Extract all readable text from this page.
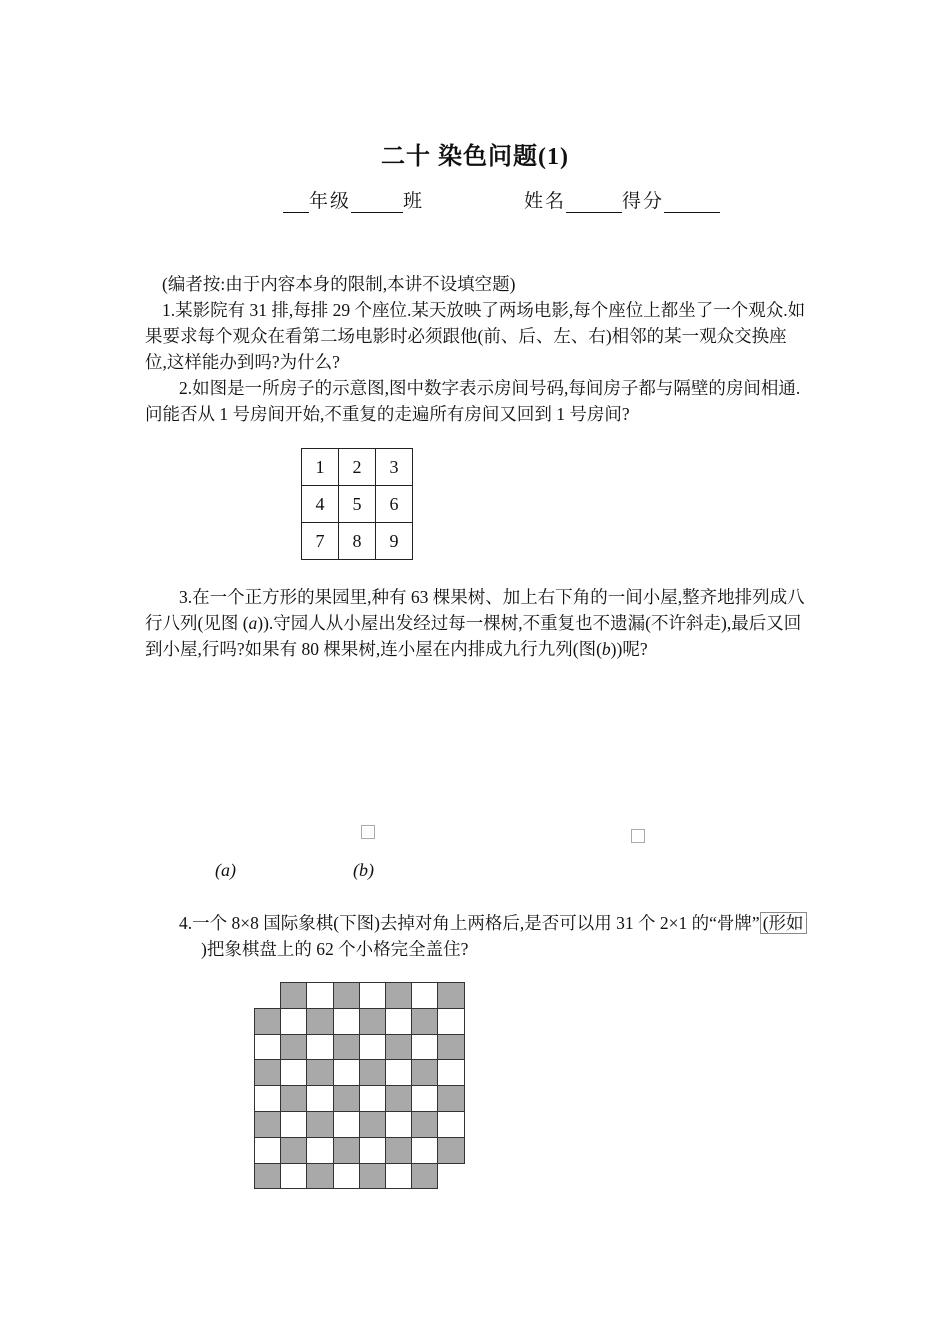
二十 染色问题(1)
年级	班	姓名	得分
(编者按:由于内容本身的限制,本讲不设填空题)
1.某影院有 31 排,每排 29 个座位.某天放映了两场电影,每个座位上都坐了一个观众.如果要求每个观众在看第二场电影时必须跟他(前、后、左、右)相邻的某一观众交换座位,这样能办到吗?为什么?
2.如图是一所房子的示意图,图中数字表示房间号码,每间房子都与隔壁的房间相通.问能否从 1 号房间开始,不重复的走遍所有房间又回到 1 号房间?
1	2	3
4	5	6
7	8	9
3.在一个正方形的果园里,种有 63 棵果树、加上右下角的一间小屋,整齐地排列成八行八列(见图 (a)).守园人从小屋出发经过每一棵树,不重复也不遗漏(不许斜走),最后又回到小屋,行吗?如果有 80 棵果树,连小屋在内排成九行九列(图(b))呢?
(a)	(b)
4.一个 8×8 国际象棋(下图)去掉对角上两格后,是否可以用 31 个 2×1 的“骨牌” (形如)把象棋盘上的 62 个小格完全盖住?
